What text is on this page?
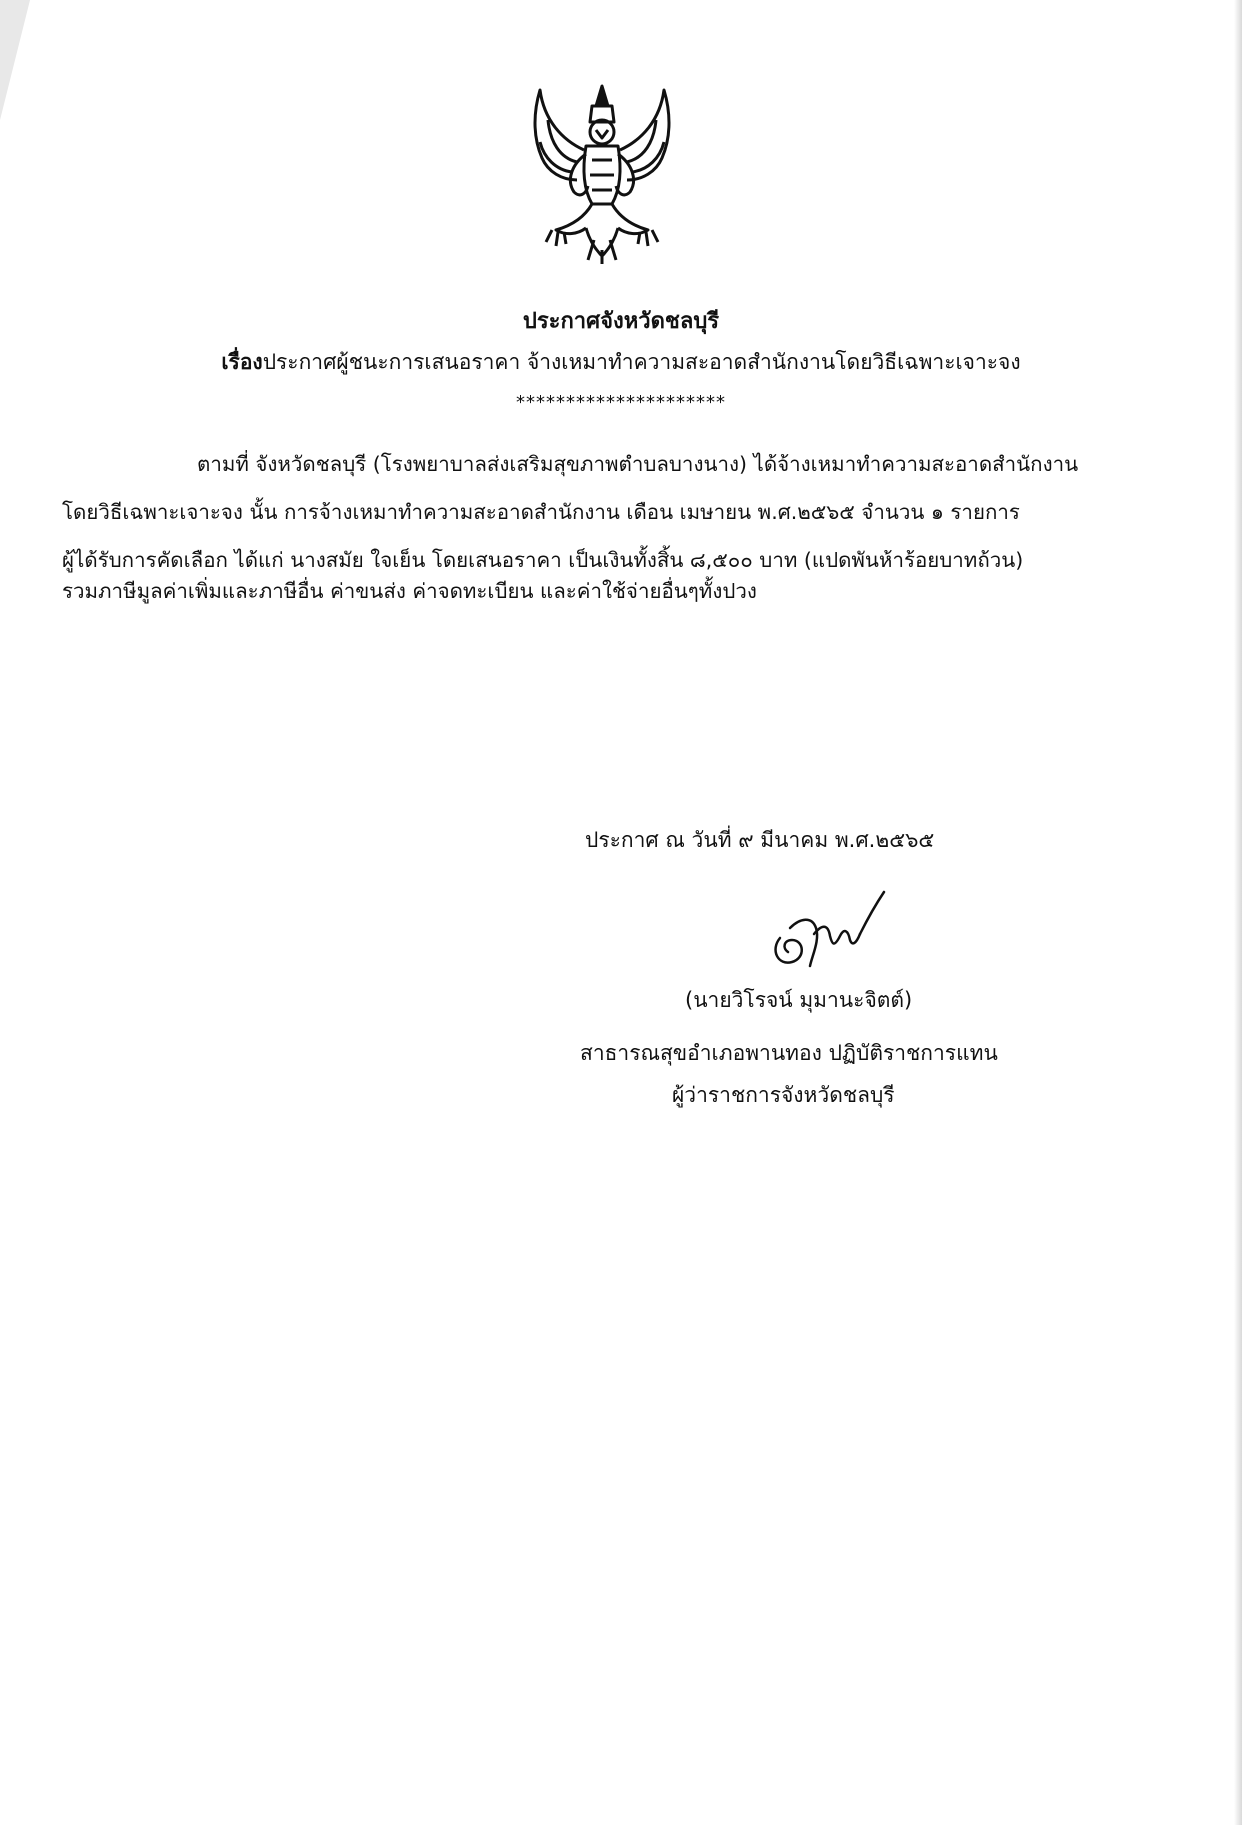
ประกาศจังหวัดชลบุรี
เรื่องประกาศผู้ชนะการเสนอราคา จ้างเหมาทำความสะอาดสำนักงานโดยวิธีเฉพาะเจาะจง
*********************
ตามที่ จังหวัดชลบุรี (โรงพยาบาลส่งเสริมสุขภาพตำบลบางนาง) ได้จ้างเหมาทำความสะอาดสำนักงาน
โดยวิธีเฉพาะเจาะจง นั้น การจ้างเหมาทำความสะอาดสำนักงาน เดือน เมษายน พ.ศ.๒๕๖๕ จำนวน ๑ รายการ
ผู้ได้รับการคัดเลือก ได้แก่ นางสมัย ใจเย็น โดยเสนอราคา เป็นเงินทั้งสิ้น ๘,๕๐๐ บาท (แปดพันห้าร้อยบาทถ้วน)
รวมภาษีมูลค่าเพิ่มและภาษีอื่น ค่าขนส่ง ค่าจดทะเบียน และค่าใช้จ่ายอื่นๆทั้งปวง
ประกาศ ณ วันที่ ๙ มีนาคม พ.ศ.๒๕๖๕
(นายวิโรจน์ มุมานะจิตต์)
สาธารณสุขอำเภอพานทอง ปฏิบัติราชการแทน
ผู้ว่าราชการจังหวัดชลบุรี
